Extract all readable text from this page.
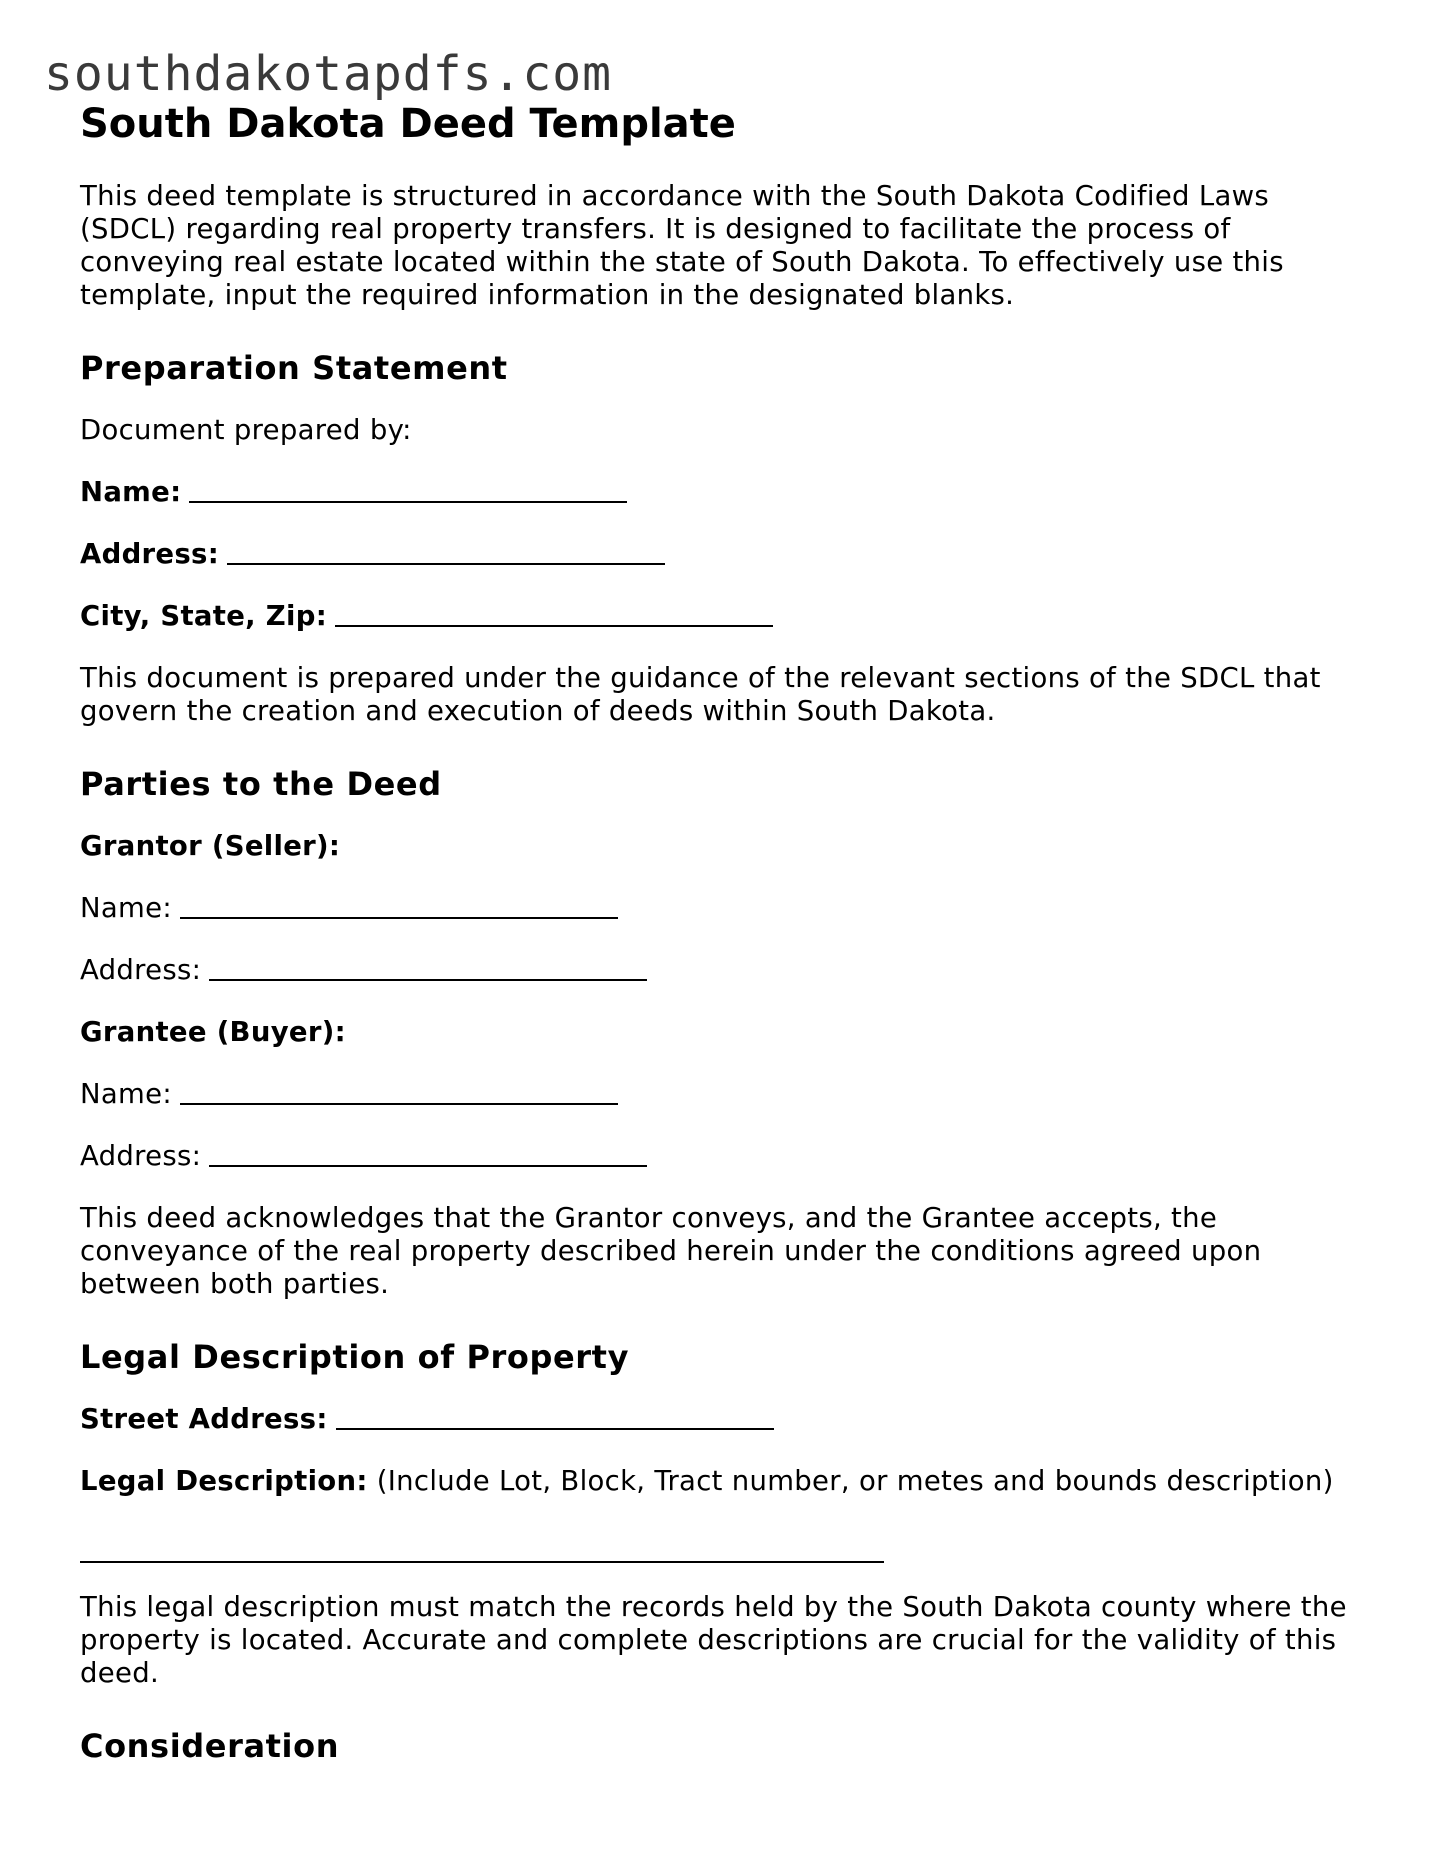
southdakotapdfs.com
South Dakota Deed Template

This deed template is structured in accordance with the South Dakota Codified Laws (SDCL) regarding real property transfers. It is designed to facilitate the process of conveying real estate located within the state of South Dakota. To effectively use this template, input the required information in the designated blanks.

Preparation Statement
Document prepared by:
Name:
Address:
City, State, Zip:

This document is prepared under the guidance of the relevant sections of the SDCL that govern the creation and execution of deeds within South Dakota.

Parties to the Deed
Grantor (Seller):
Name:
Address:
Grantee (Buyer):
Name:
Address:

This deed acknowledges that the Grantor conveys, and the Grantee accepts, the conveyance of the real property described herein under the conditions agreed upon between both parties.

Legal Description of Property
Street Address:
Legal Description: (Include Lot, Block, Tract number, or metes and bounds description)

This legal description must match the records held by the South Dakota county where the property is located. Accurate and complete descriptions are crucial for the validity of this deed.

Consideration
